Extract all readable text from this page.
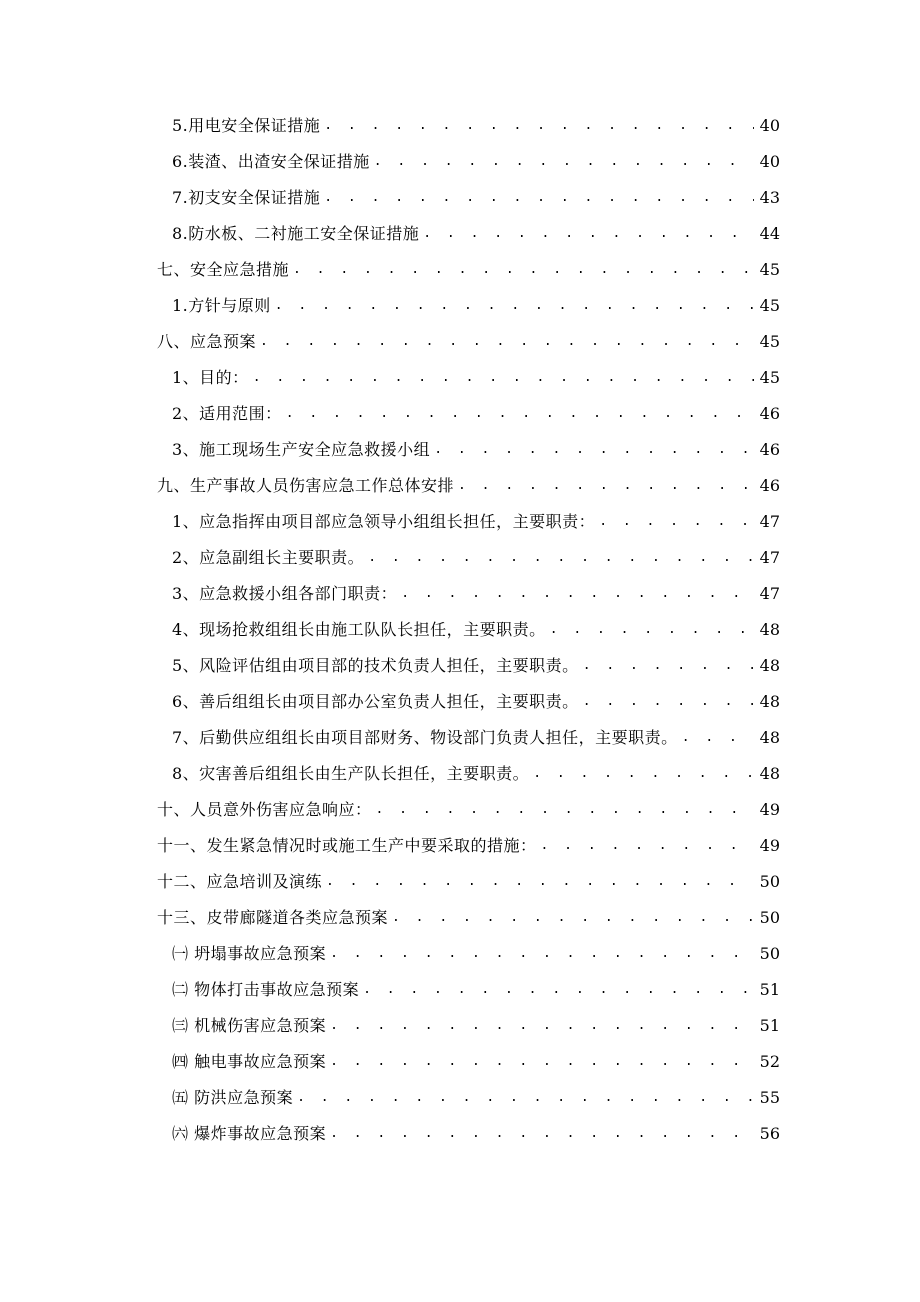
5.用电安全保证措施 . . .	40
6.装渣、出渣安全保证措施 . . .	40
7.初支安全保证措施 . . .	43
8.防水板、二衬施工安全保证措施 . . .	44
七、安全应急措施 . . .	45
1.方针与原则 . . .	45
八、应急预案 . . .	45
1、目的： . . .	45
2、适用范围： . . .	46
3、施工现场生产安全应急救援小组 . . .	46
九、生产事故人员伤害应急工作总体安排 . . .	46
1、应急指挥由项目部应急领导小组组长担任，主要职责： . . .	47
2、应急副组长主要职责。 . . .	47
3、应急救援小组各部门职责： . . .	47
4、现场抢救组组长由施工队队长担任，主要职责。 . . .	48
5、风险评估组由项目部的技术负责人担任，主要职责。 . . .	48
6、善后组组长由项目部办公室负责人担任，主要职责。 . . .	48
7、后勤供应组组长由项目部财务、物设部门负责人担任，主要职责。 . . .	48
8、灾害善后组组长由生产队长担任，主要职责。 . . .	48
十、人员意外伤害应急响应： . . .	49
十一、发生紧急情况时或施工生产中要采取的措施： . . .	49
十二、应急培训及演练 . . .	50
十三、皮带廊隧道各类应急预案 . . .	50
㈠ 坍塌事故应急预案 . . .	50
㈡ 物体打击事故应急预案 . . .	51
㈢ 机械伤害应急预案 . . .	51
㈣ 触电事故应急预案 . . .	52
㈤ 防洪应急预案 . . .	55
㈥ 爆炸事故应急预案 . . .	56
